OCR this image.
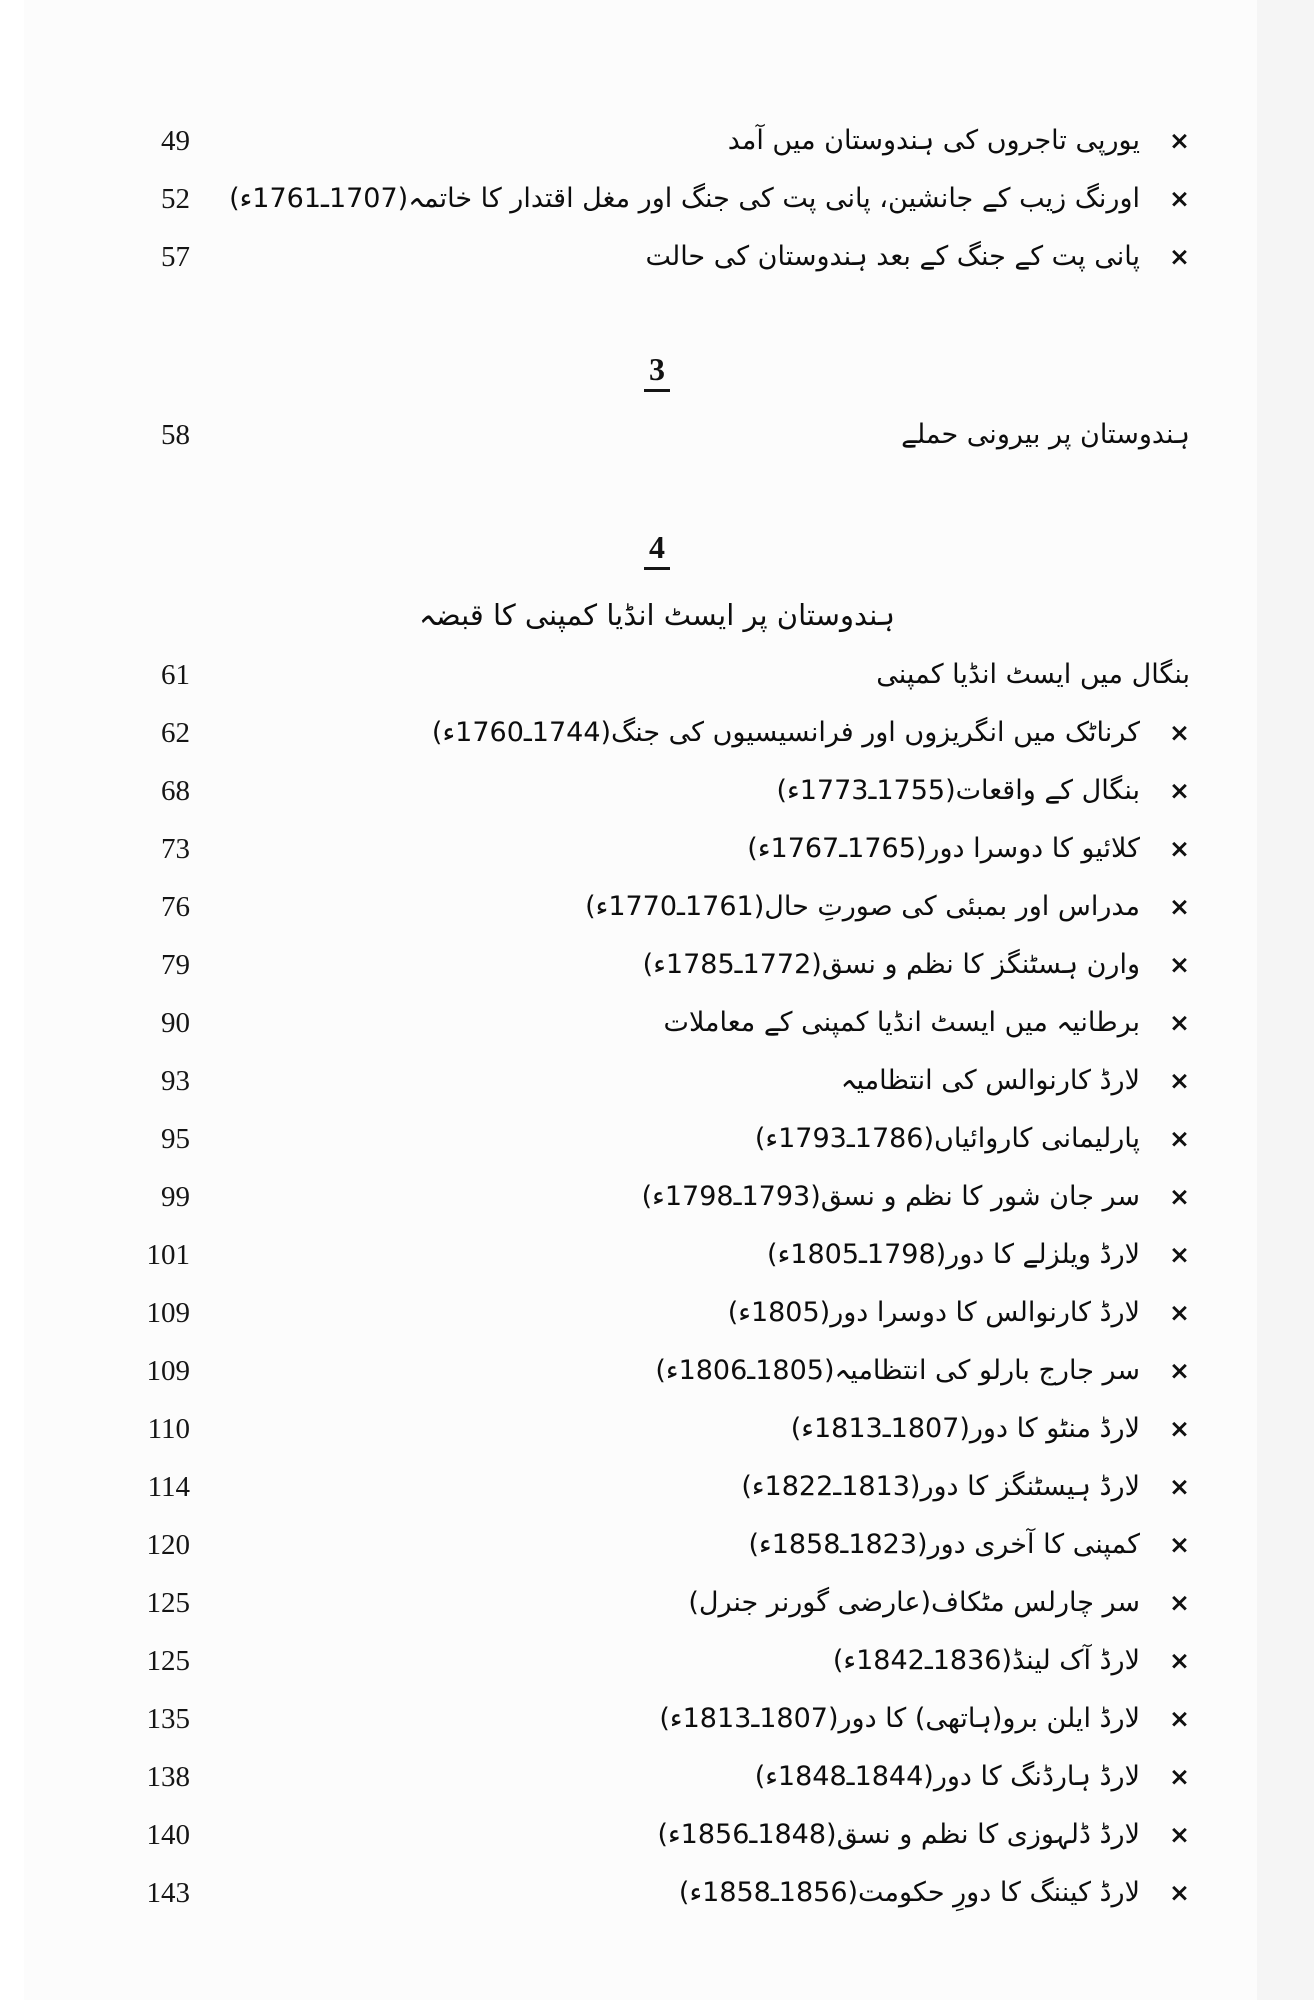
49	یورپی تاجروں کی ہندوستان میں آمد ×
52 اورنگ زیب کے جانشین، پانی پت کی جنگ اور مغل اقتدار کا خاتمہ(1707ـ1761ء) ×
57	پانی پت کے جنگ کے بعد ہندوستان کی حالت ×
3
58	ہندوستان پر بیرونی حملے
4
ہندوستان پر ایسٹ انڈیا کمپنی کا قبضہ
61	بنگال میں ایسٹ انڈیا کمپنی
62	کرناٹک میں انگریزوں اور فرانسیسیوں کی جنگ(1744ـ1760ء) ×
68	بنگال کے واقعات(1755ـ1773ء) ×
73	کلائیو کا دوسرا دور(1765ـ1767ء) ×
76	مدراس اور بمبئی کی صورتِ حال(1761ـ1770ء) ×
79	وارن ہسٹنگز کا نظم و نسق(1772ـ1785ء) ×
90	برطانیہ میں ایسٹ انڈیا کمپنی کے معاملات ×
93	لارڈ کارنوالس کی انتظامیہ ×
95	پارلیمانی کاروائیاں(1786ـ1793ء) ×
99	سر جان شور کا نظم و نسق(1793ـ1798ء) ×
101	لارڈ ویلزلے کا دور(1798ـ1805ء) ×
109	لارڈ کارنوالس کا دوسرا دور(1805ء) ×
109	سر جارج بارلو کی انتظامیہ(1805ـ1806ء) ×
110	لارڈ منٹو کا دور(1807ـ1813ء) ×
114	لارڈ ہیسٹنگز کا دور(1813ـ1822ء) ×
120	کمپنی کا آخری دور(1823ـ1858ء) ×
125	سر چارلس مٹکاف(عارضی گورنر جنرل) ×
125	لارڈ آک لینڈ(1836ـ1842ء) ×
135	لارڈ ایلن برو(ہاتھی) کا دور(1807ـ1813ء) ×
138	لارڈ ہارڈنگ کا دور(1844ـ1848ء) ×
140	لارڈ ڈلہوزی کا نظم و نسق(1848ـ1856ء) ×
143	لارڈ کیننگ کا دورِ حکومت(1856ـ1858ء) ×
